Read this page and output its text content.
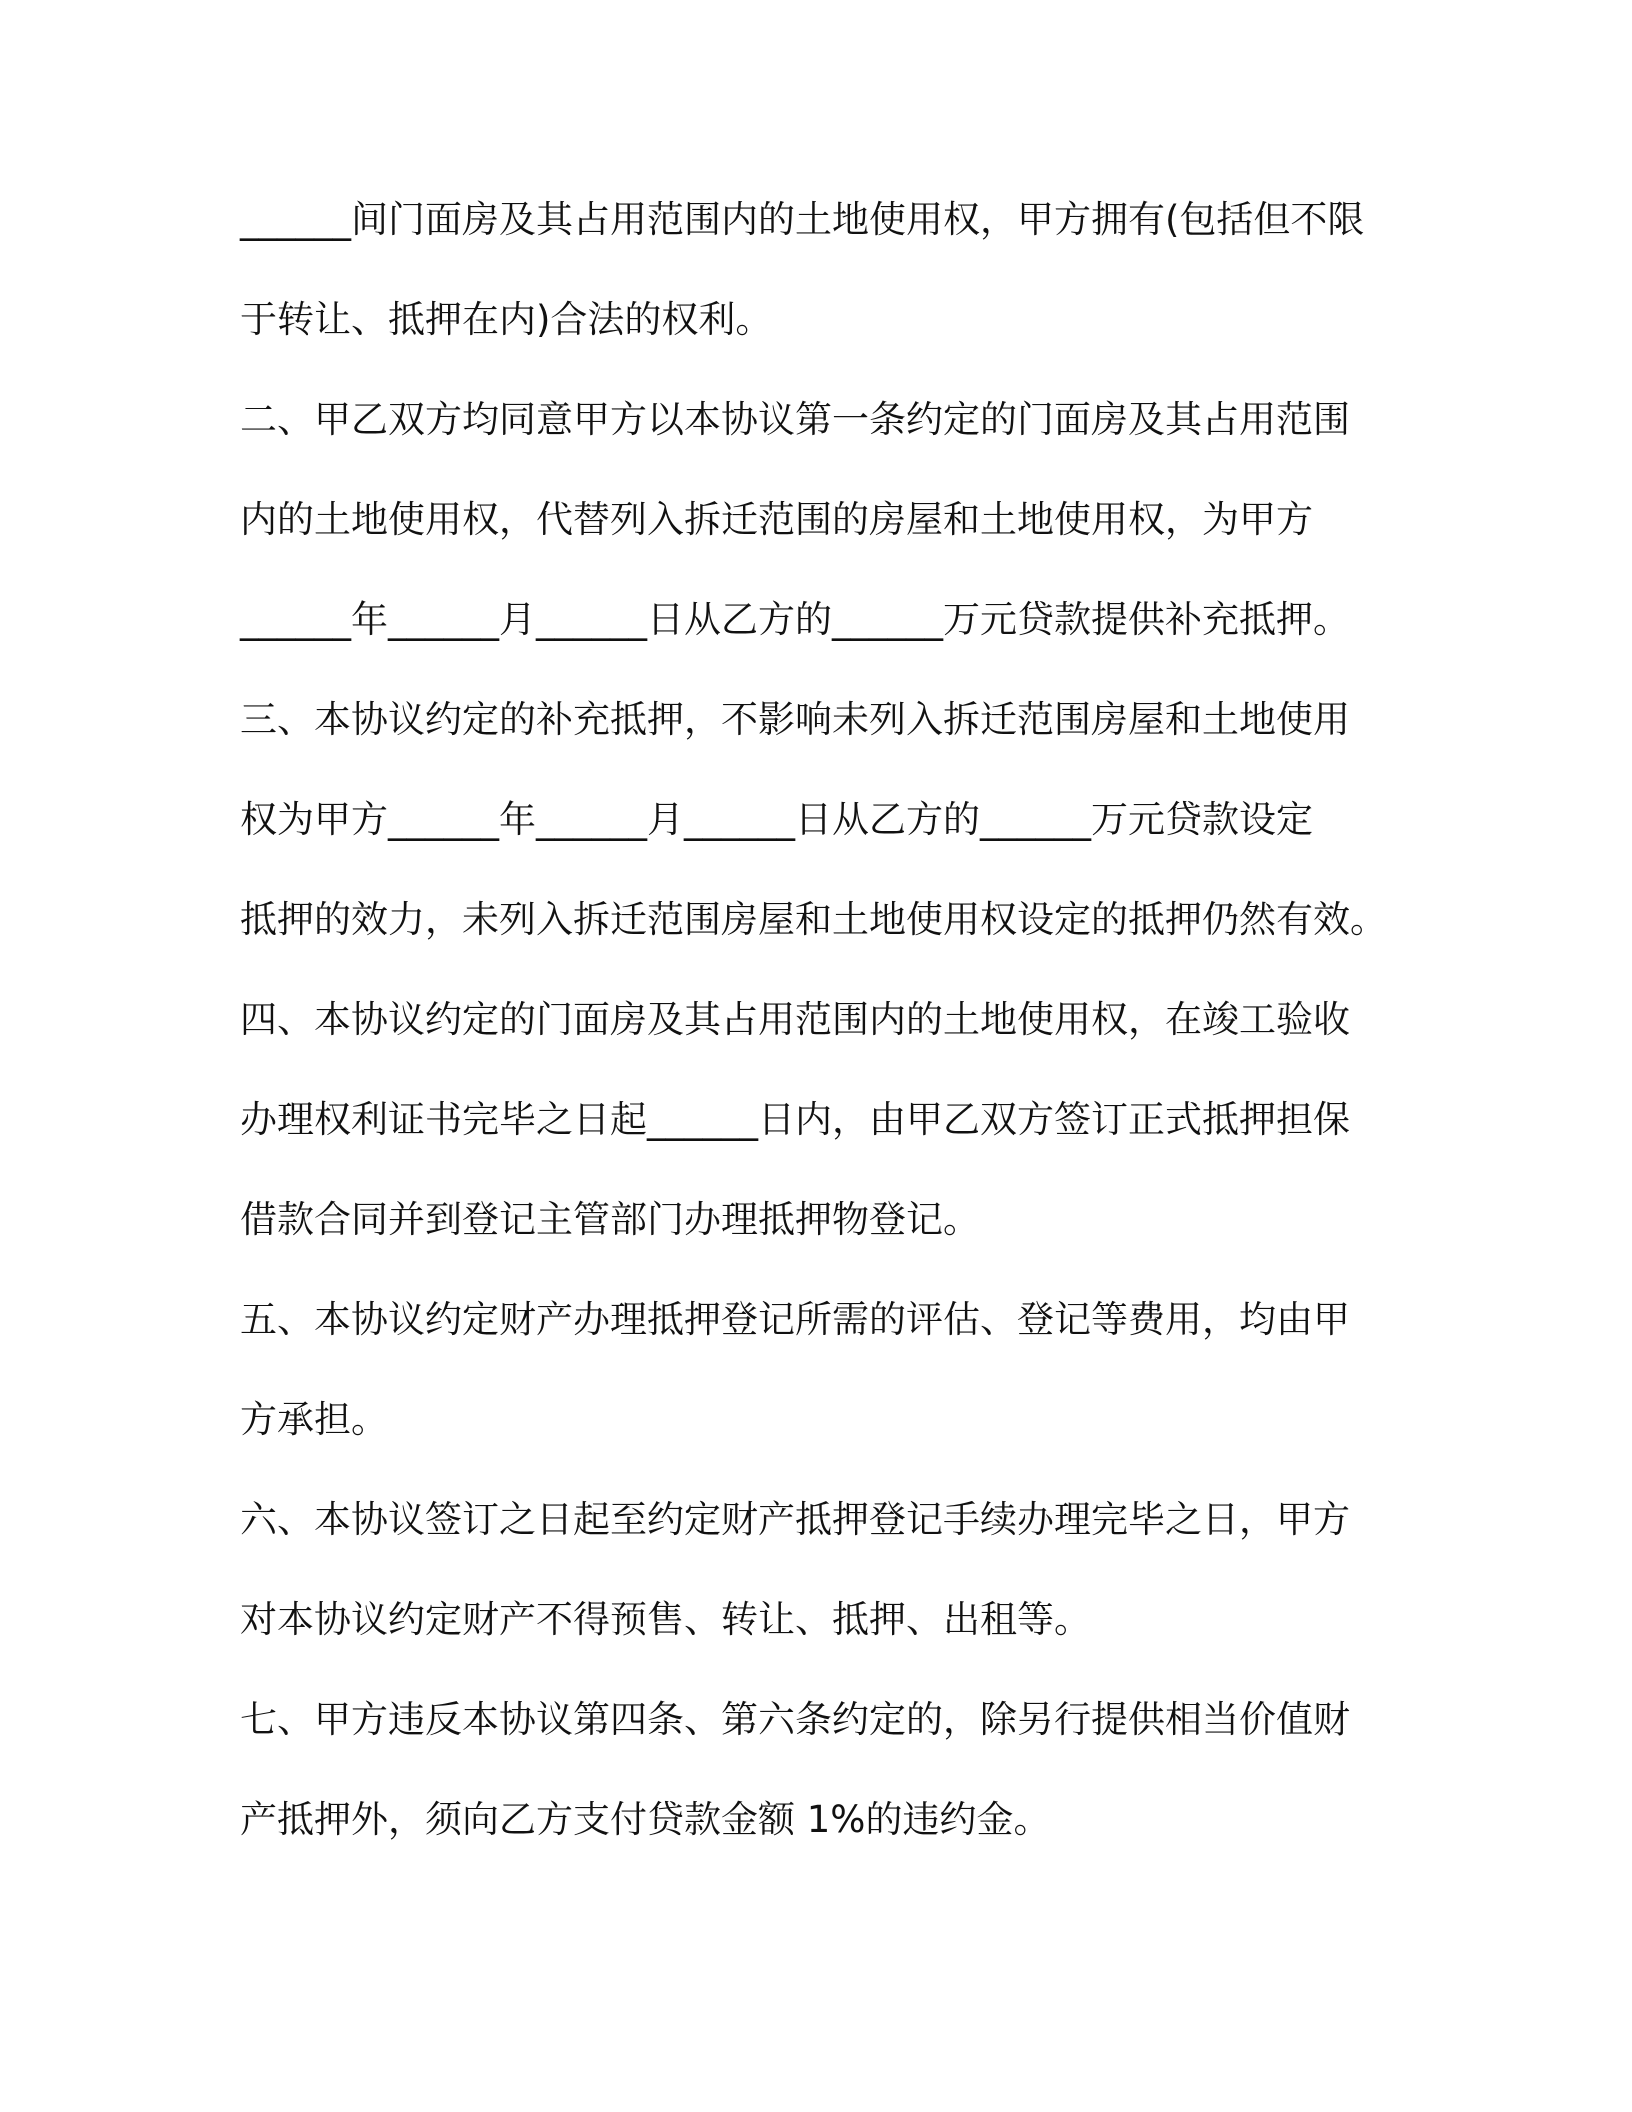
______间门面房及其占用范围内的土地使用权，甲方拥有(包括但不限
于转让、抵押在内)合法的权利。
二、甲乙双方均同意甲方以本协议第一条约定的门面房及其占用范围
内的土地使用权，代替列入拆迁范围的房屋和土地使用权，为甲方
______年______月______日从乙方的______万元贷款提供补充抵押。
三、本协议约定的补充抵押，不影响未列入拆迁范围房屋和土地使用
权为甲方______年______月______日从乙方的______万元贷款设定
抵押的效力，未列入拆迁范围房屋和土地使用权设定的抵押仍然有效。
四、本协议约定的门面房及其占用范围内的土地使用权，在竣工验收
办理权利证书完毕之日起______日内，由甲乙双方签订正式抵押担保
借款合同并到登记主管部门办理抵押物登记。
五、本协议约定财产办理抵押登记所需的评估、登记等费用，均由甲
方承担。
六、本协议签订之日起至约定财产抵押登记手续办理完毕之日，甲方
对本协议约定财产不得预售、转让、抵押、出租等。
七、甲方违反本协议第四条、第六条约定的，除另行提供相当价值财
产抵押外，须向乙方支付贷款金额 1%的违约金。
